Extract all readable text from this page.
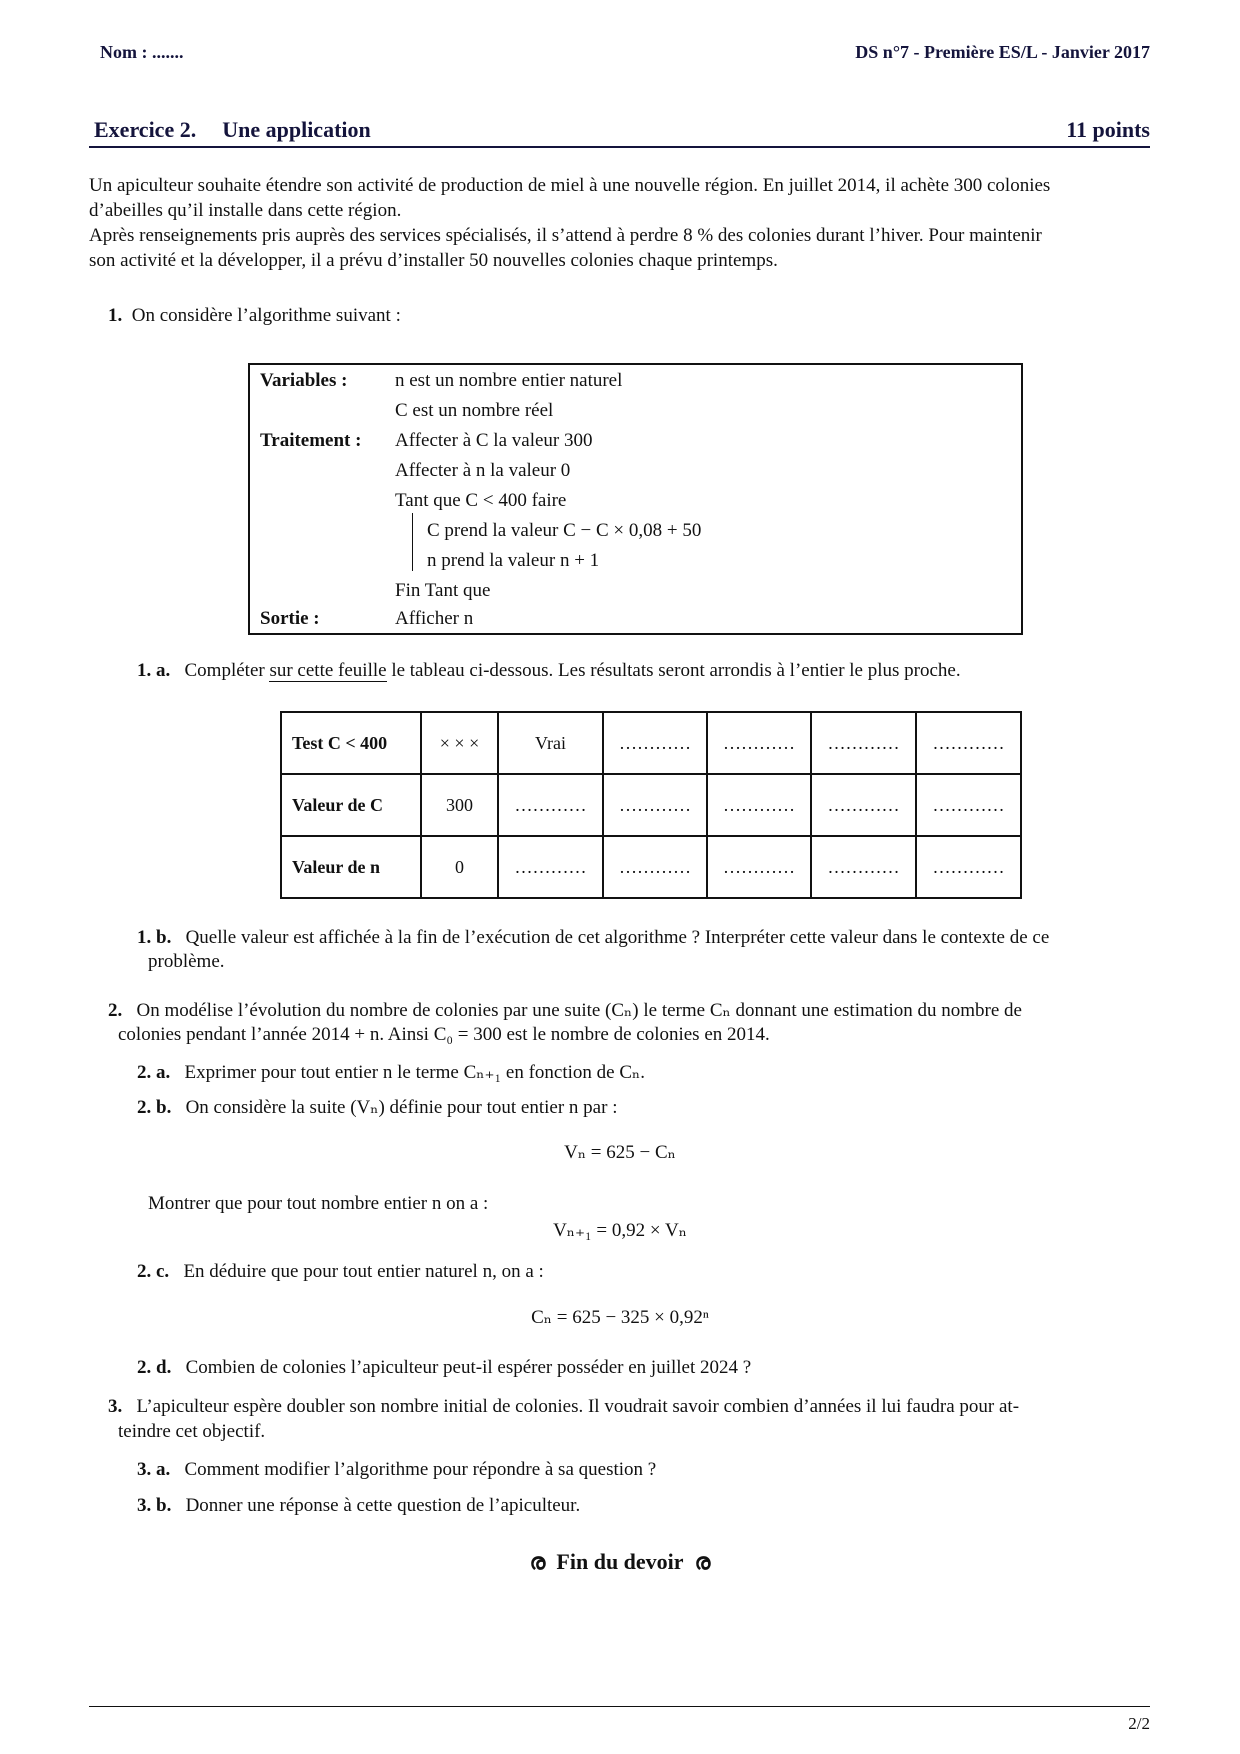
Nom : .......	DS n°7 - Première ES/L - Janvier 2017
Exercice 2. Une application	11 points
Un apiculteur souhaite étendre son activité de production de miel à une nouvelle région. En juillet 2014, il achète 300 colonies
d’abeilles qu’il installe dans cette région.
Après renseignements pris auprès des services spécialisés, il s’attend à perdre 8 % des colonies durant l’hiver. Pour maintenir
son activité et la développer, il a prévu d’installer 50 nouvelles colonies chaque printemps.
1. On considère l’algorithme suivant :
Variables :	n est un nombre entier naturel
C est un nombre réel
Traitement : Affecter à C la valeur 300
Affecter à n la valeur 0
Tant que C < 400 faire
C prend la valeur C − C × 0,08 + 50
n prend la valeur n + 1
Fin Tant que
Sortie :	Afficher n
1. a. Compléter sur cette feuille le tableau ci-dessous. Les résultats seront arrondis à l’entier le plus proche.
Test C < 400	× × ×	Vrai	…………	…………	…………	…………
Valeur de C	300	…………	…………	…………	…………	…………
Valeur de n	0	…………	…………	…………	…………	…………
1. b. Quelle valeur est affichée à la fin de l’exécution de cet algorithme ? Interpréter cette valeur dans le contexte de ce
problème.
2. On modélise l’évolution du nombre de colonies par une suite (Cₙ) le terme Cₙ donnant une estimation du nombre de
colonies pendant l’année 2014 + n. Ainsi C₀ = 300 est le nombre de colonies en 2014.
2. a. Exprimer pour tout entier n le terme Cₙ₊₁ en fonction de Cₙ.
2. b. On considère la suite (Vₙ) définie pour tout entier n par :
Vₙ = 625 − Cₙ
Montrer que pour tout nombre entier n on a :
Vₙ₊₁ = 0,92 × Vₙ
2. c. En déduire que pour tout entier naturel n, on a :
Cₙ = 625 − 325 × 0,92ⁿ
2. d. Combien de colonies l’apiculteur peut-il espérer posséder en juillet 2024 ?
3. L’apiculteur espère doubler son nombre initial de colonies. Il voudrait savoir combien d’années il lui faudra pour at-
teindre cet objectif.
3. a. Comment modifier l’algorithme pour répondre à sa question ?
3. b. Donner une réponse à cette question de l’apiculteur.
ര Fin du devoir ര
2/2
